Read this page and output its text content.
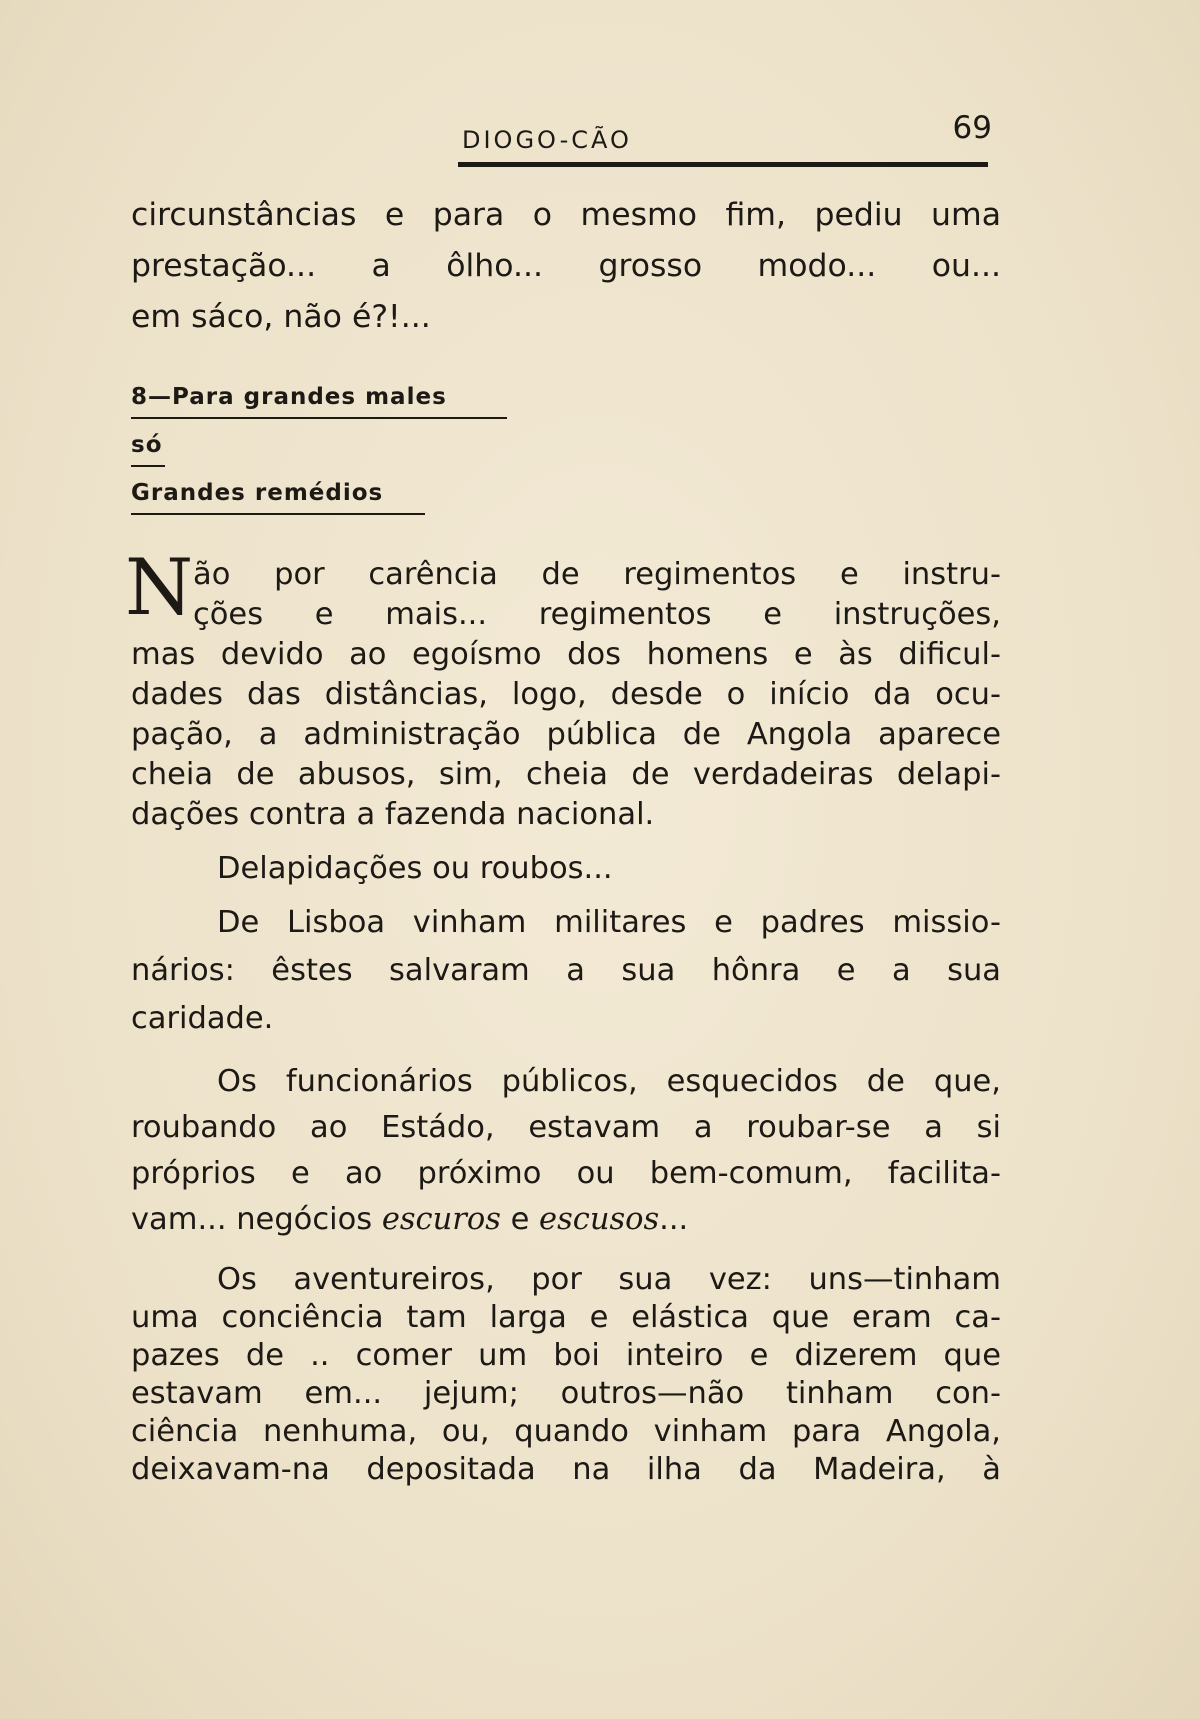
DIOGO-CÃO	69
circunstâncias e para o mesmo fim, pediu uma
prestação... a ôlho... grosso modo... ou...
em sáco, não é?!...
8—Para grandes males
só
Grandes remédios
N ão por carência de regimentos e instru-
ções e mais... regimentos e instruções,
mas devido ao egoísmo dos homens e às dificul-
dades das distâncias, logo, desde o início da ocu-
pação, a administração pública de Angola aparece
cheia de abusos, sim, cheia de verdadeiras delapi-
dações contra a fazenda nacional.
Delapidações ou roubos...
De Lisboa vinham militares e padres missio-
nários: êstes salvaram a sua hônra e a sua
caridade.
Os funcionários públicos, esquecidos de que,
roubando ao Estádo, estavam a roubar-se a si
próprios e ao próximo ou bem-comum, facilita-
vam... negócios escuros e escusos...
Os aventureiros, por sua vez: uns—tinham
uma conciência tam larga e elástica que eram ca-
pazes de .. comer um boi inteiro e dizerem que
estavam em... jejum; outros—não tinham con-
ciência nenhuma, ou, quando vinham para Angola,
deixavam-na depositada na ilha da Madeira, à
